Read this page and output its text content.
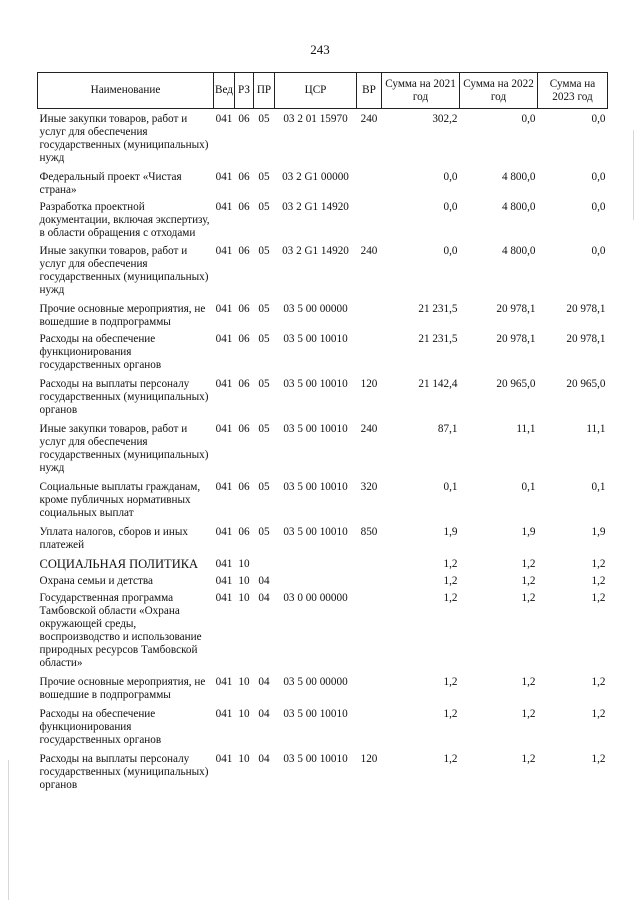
243
Наименование	Вед	РЗ	ПР	ЦСР	ВР	Сумма на 2021 год	Сумма на 2022 год	Сумма на 2023 год
Иные закупки товаров, работ и услуг для обеспечения государственных (муниципальных) нужд	041	06	05	03 2 01 15970	240	302,2	0,0	0,0
Федеральный проект «Чистая страна»	041	06	05	03 2 G1 00000		0,0	4 800,0	0,0
Разработка проектной документации, включая экспертизу, в области обращения с отходами	041	06	05	03 2 G1 14920		0,0	4 800,0	0,0
Иные закупки товаров, работ и услуг для обеспечения государственных (муниципальных) нужд	041	06	05	03 2 G1 14920	240	0,0	4 800,0	0,0
Прочие основные мероприятия, не вошедшие в подпрограммы	041	06	05	03 5 00 00000		21 231,5	20 978,1	20 978,1
Расходы на обеспечение функционирования государственных органов	041	06	05	03 5 00 10010		21 231,5	20 978,1	20 978,1
Расходы на выплаты персоналу государственных (муниципальных) органов	041	06	05	03 5 00 10010	120	21 142,4	20 965,0	20 965,0
Иные закупки товаров, работ и услуг для обеспечения государственных (муниципальных) нужд	041	06	05	03 5 00 10010	240	87,1	11,1	11,1
Социальные выплаты гражданам, кроме публичных нормативных социальных выплат	041	06	05	03 5 00 10010	320	0,1	0,1	0,1
Уплата налогов, сборов и иных платежей	041	06	05	03 5 00 10010	850	1,9	1,9	1,9
СОЦИАЛЬНАЯ ПОЛИТИКА	041	10				1,2	1,2	1,2
Охрана семьи и детства	041	10	04			1,2	1,2	1,2
Государственная программа Тамбовской области «Охрана окружающей среды, воспроизводство и использование природных ресурсов Тамбовской области»	041	10	04	03 0 00 00000		1,2	1,2	1,2
Прочие основные мероприятия, не вошедшие в подпрограммы	041	10	04	03 5 00 00000		1,2	1,2	1,2
Расходы на обеспечение функционирования государственных органов	041	10	04	03 5 00 10010		1,2	1,2	1,2
Расходы на выплаты персоналу государственных (муниципальных) органов	041	10	04	03 5 00 10010	120	1,2	1,2	1,2
